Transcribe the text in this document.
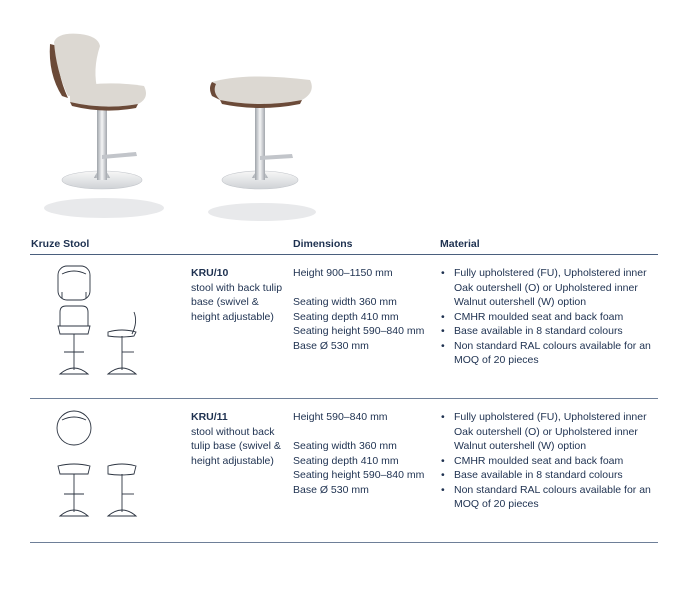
Kruze Stool	Dimensions	Material
KRU/10
stool with back tulip base (swivel & height adjustable)
Height 900–1150 mm
Seating width 360 mm
Seating depth 410 mm
Seating height 590–840 mm
Base Ø 530 mm
• Fully upholstered (FU), Upholstered inner Oak outershell (O) or Upholstered inner Walnut outershell (W) option
• CMHR moulded seat and back foam
• Base available in 8 standard colours
• Non standard RAL colours available for an MOQ of 20 pieces
KRU/11
stool without back tulip base (swivel & height adjustable)
Height 590–840 mm
Seating width 360 mm
Seating depth 410 mm
Seating height 590–840 mm
Base Ø 530 mm
• Fully upholstered (FU), Upholstered inner Oak outershell (O) or Upholstered inner Walnut outershell (W) option
• CMHR moulded seat and back foam
• Base available in 8 standard colours
• Non standard RAL colours available for an MOQ of 20 pieces
